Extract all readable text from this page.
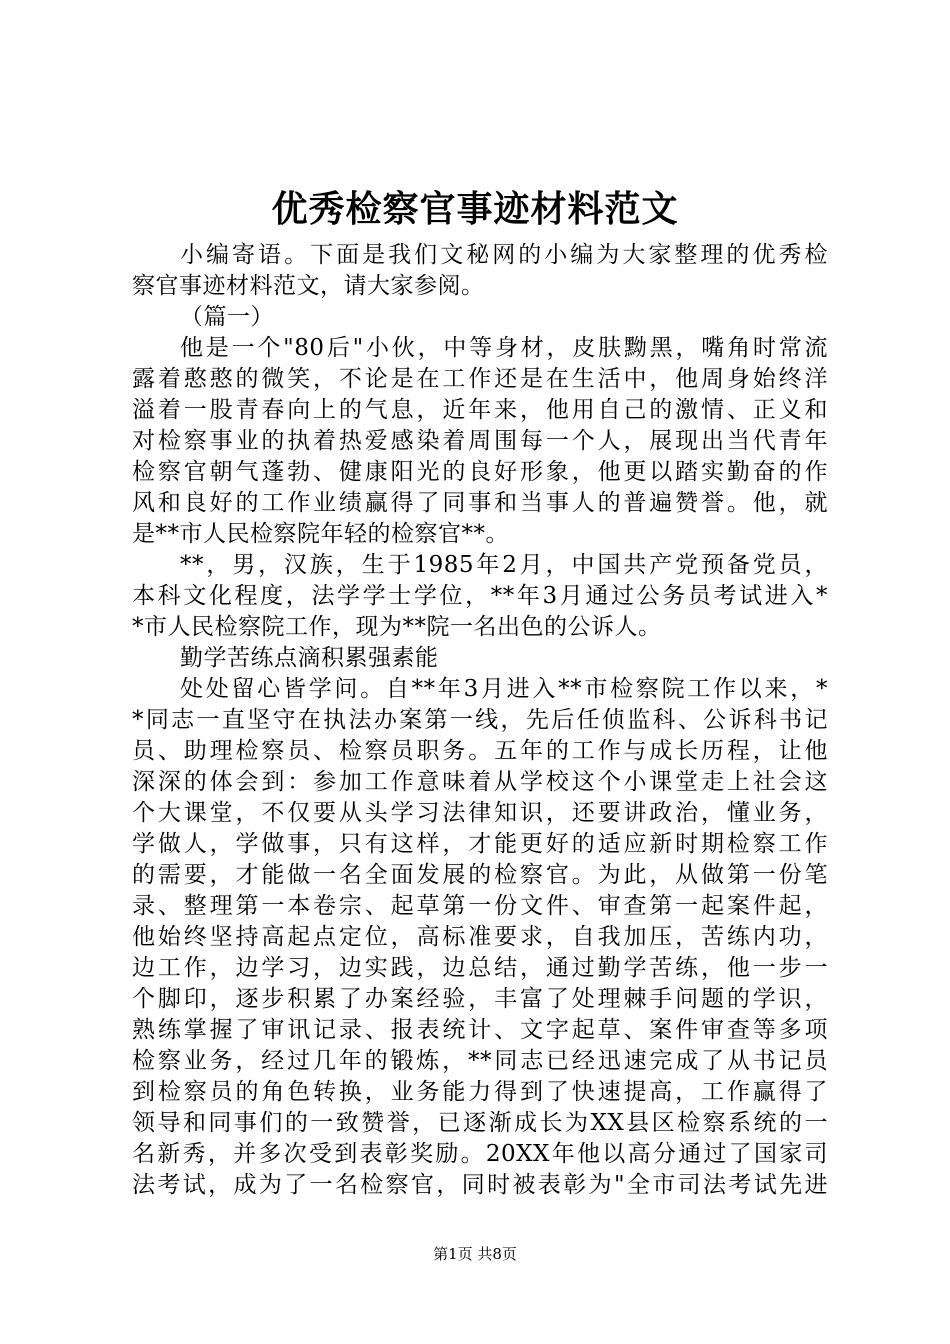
优秀检察官事迹材料范文
小编寄语。下面是我们文秘网的小编为大家整理的优秀检
察官事迹材料范文，请大家参阅。
（篇一）
他是一个"80后"小伙，中等身材，皮肤黝黑，嘴角时常流
露着憨憨的微笑，不论是在工作还是在生活中，他周身始终洋
溢着一股青春向上的气息，近年来，他用自己的激情、正义和
对检察事业的执着热爱感染着周围每一个人，展现出当代青年
检察官朝气蓬勃、健康阳光的良好形象，他更以踏实勤奋的作
风和良好的工作业绩赢得了同事和当事人的普遍赞誉。他，就
是**市人民检察院年轻的检察官**。
**，男，汉族，生于1985年2月，中国共产党预备党员，
本科文化程度，法学学士学位，**年3月通过公务员考试进入*
*市人民检察院工作，现为**院一名出色的公诉人。
勤学苦练点滴积累强素能
处处留心皆学问。自**年3月进入**市检察院工作以来，*
*同志一直坚守在执法办案第一线，先后任侦监科、公诉科书记
员、助理检察员、检察员职务。五年的工作与成长历程，让他
深深的体会到：参加工作意味着从学校这个小课堂走上社会这
个大课堂，不仅要从头学习法律知识，还要讲政治，懂业务，
学做人，学做事，只有这样，才能更好的适应新时期检察工作
的需要，才能做一名全面发展的检察官。为此，从做第一份笔
录、整理第一本卷宗、起草第一份文件、审查第一起案件起，
他始终坚持高起点定位，高标准要求，自我加压，苦练内功，
边工作，边学习，边实践，边总结，通过勤学苦练，他一步一
个脚印，逐步积累了办案经验，丰富了处理棘手问题的学识，
熟练掌握了审讯记录、报表统计、文字起草、案件审查等多项
检察业务，经过几年的锻炼，**同志已经迅速完成了从书记员
到检察员的角色转换，业务能力得到了快速提高，工作赢得了
领导和同事们的一致赞誉，已逐渐成长为XX县区检察系统的一
名新秀，并多次受到表彰奖励。20XX年他以高分通过了国家司
法考试，成为了一名检察官，同时被表彰为"全市司法考试先进
第1页 共8页
